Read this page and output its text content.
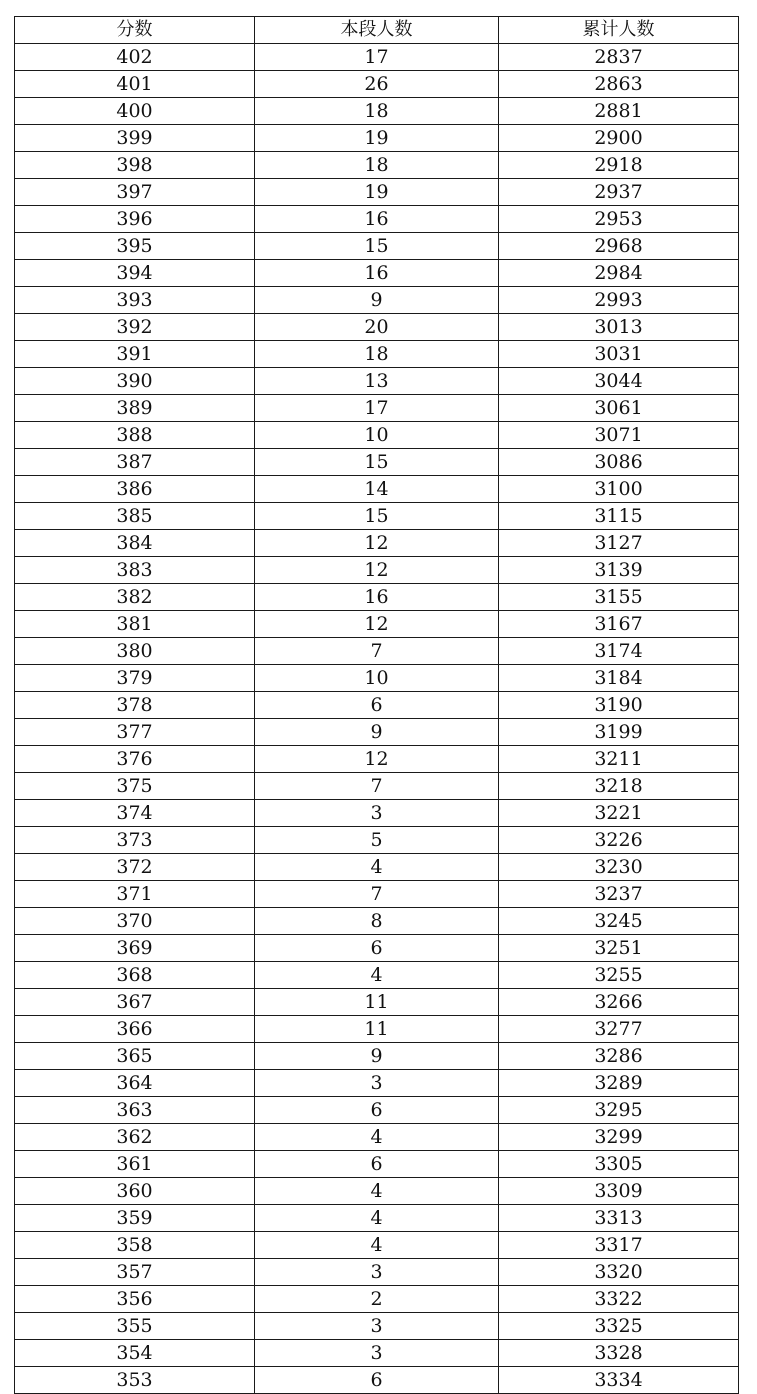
分数	本段人数	累计人数
402	17	2837
401	26	2863
400	18	2881
399	19	2900
398	18	2918
397	19	2937
396	16	2953
395	15	2968
394	16	2984
393	9	2993
392	20	3013
391	18	3031
390	13	3044
389	17	3061
388	10	3071
387	15	3086
386	14	3100
385	15	3115
384	12	3127
383	12	3139
382	16	3155
381	12	3167
380	7	3174
379	10	3184
378	6	3190
377	9	3199
376	12	3211
375	7	3218
374	3	3221
373	5	3226
372	4	3230
371	7	3237
370	8	3245
369	6	3251
368	4	3255
367	11	3266
366	11	3277
365	9	3286
364	3	3289
363	6	3295
362	4	3299
361	6	3305
360	4	3309
359	4	3313
358	4	3317
357	3	3320
356	2	3322
355	3	3325
354	3	3328
353	6	3334
